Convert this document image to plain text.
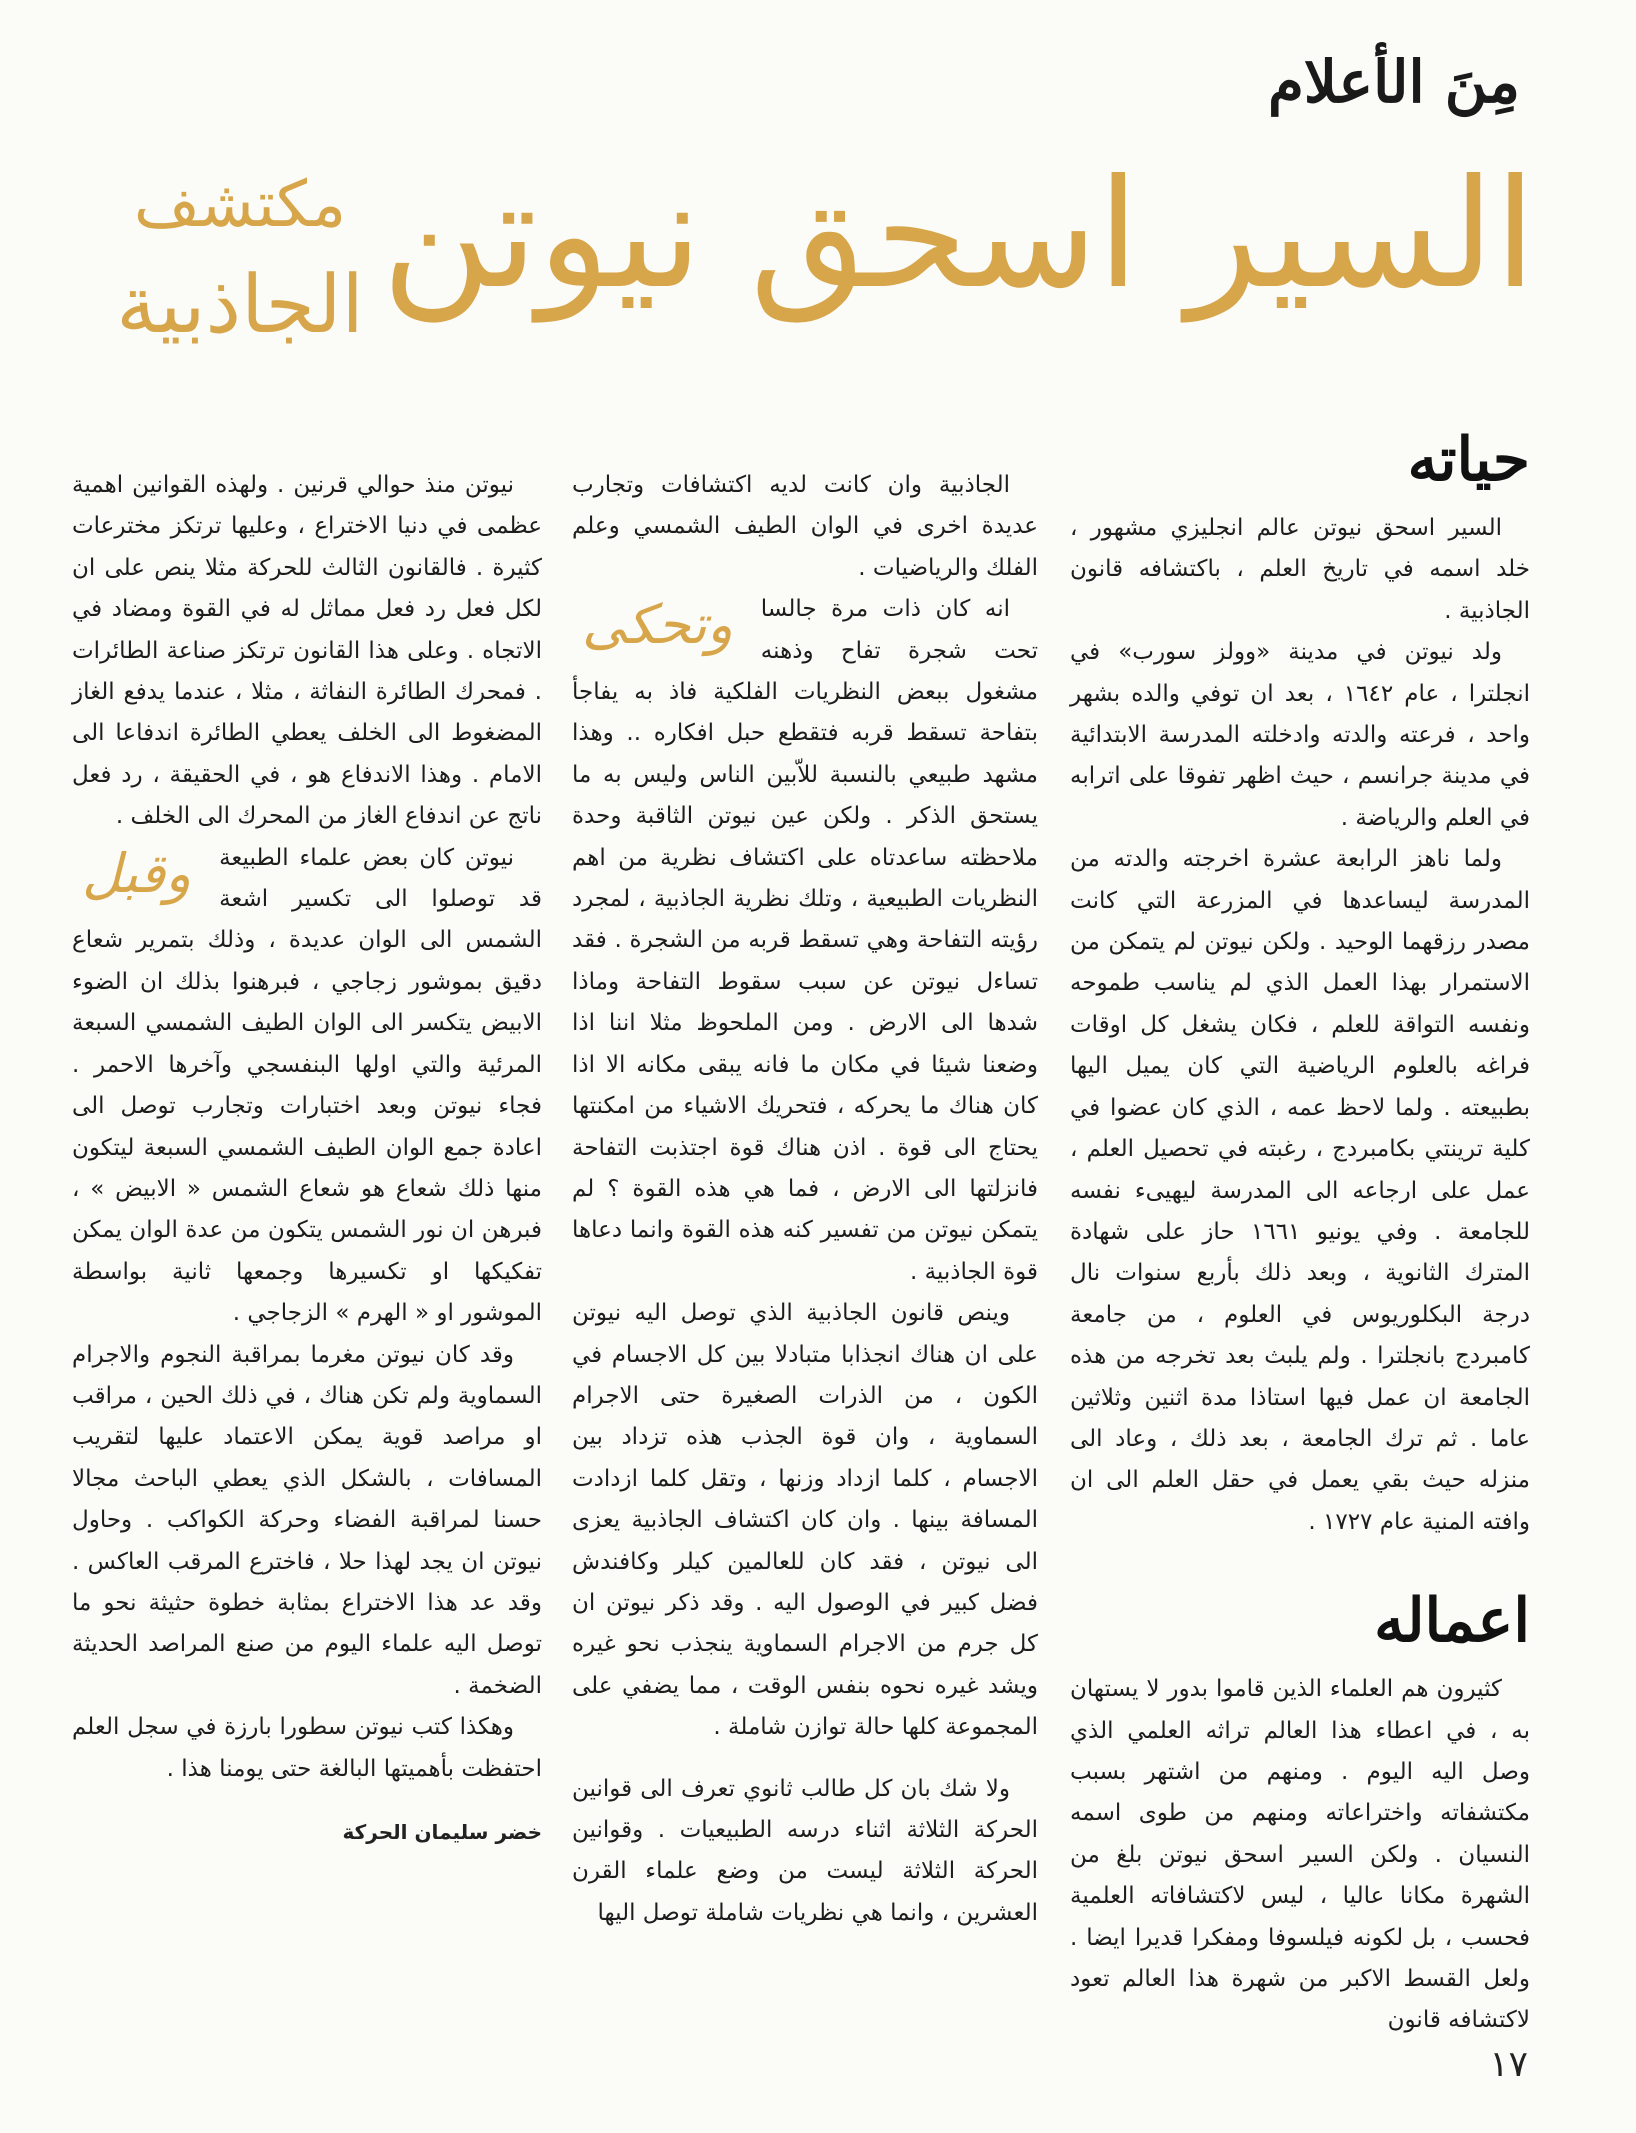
مِنَ الأعلام
السير اسحق نيوتن
مكتشف
الجاذبية
حياته

السير اسحق نيوتن عالم انجليزي مشهور ، خلد اسمه في تاريخ العلم ، باكتشافه قانون الجاذبية .

ولد نيوتن في مدينة «وولز سورب» في انجلترا ، عام ١٦٤٢ ، بعد ان توفي والده بشهر واحد ، فرعته والدته وادخلته المدرسة الابتدائية في مدينة جرانسم ، حيث اظهر تفوقا على اترابه في العلم والرياضة .

ولما ناهز الرابعة عشرة اخرجته والدته من المدرسة ليساعدها في المزرعة التي كانت مصدر رزقهما الوحيد . ولكن نيوتن لم يتمكن من الاستمرار بهذا العمل الذي لم يناسب طموحه ونفسه التواقة للعلم ، فكان يشغل كل اوقات فراغه بالعلوم الرياضية التي كان يميل اليها بطبيعته . ولما لاحظ عمه ، الذي كان عضوا في كلية ترينتي بكامبردج ، رغبته في تحصيل العلم ، عمل على ارجاعه الى المدرسة ليهيىء نفسه للجامعة . وفي يونيو ١٦٦١ حاز على شهادة المترك الثانوية ، وبعد ذلك بأربع سنوات نال درجة البكلوريوس في العلوم ، من جامعة كامبردج بانجلترا . ولم يلبث بعد تخرجه من هذه الجامعة ان عمل فيها استاذا مدة اثنين وثلاثين عاما . ثم ترك الجامعة ، بعد ذلك ، وعاد الى منزله حيث بقي يعمل في حقل العلم الى ان وافته المنية عام ١٧٢٧ .

اعماله

كثيرون هم العلماء الذين قاموا بدور لا يستهان به ، في اعطاء هذا العالم تراثه العلمي الذي وصل اليه اليوم . ومنهم من اشتهر بسبب مكتشفاته واختراعاته ومنهم من طوى اسمه النسيان . ولكن السير اسحق نيوتن بلغ من الشهرة مكانا عاليا ، ليس لاكتشافاته العلمية فحسب ، بل لكونه فيلسوفا ومفكرا قديرا ايضا . ولعل القسط الاكبر من شهرة هذا العالم تعود لاكتشافه قانون

الجاذبية وان كانت لديه اكتشافات وتجارب عديدة اخرى في الوان الطيف الشمسي وعلم الفلك والرياضيات .

وتحكى	انه كان ذات مرة جالسا تحت شجرة تفاح وذهنه مشغول ببعض النظريات الفلكية فاذ به يفاجأ بتفاحة تسقط قربه فتقطع حبل افكاره .. وهذا مشهد طبيعي بالنسبة للاّبين الناس وليس به ما يستحق الذكر . ولكن عين نيوتن الثاقبة وحدة ملاحظته ساعدتاه على اكتشاف نظرية من اهم النظريات الطبيعية ، وتلك نظرية الجاذبية ، لمجرد رؤيته التفاحة وهي تسقط قربه من الشجرة . فقد تساءل نيوتن عن سبب سقوط التفاحة وماذا شدها الى الارض . ومن الملحوظ مثلا اننا اذا وضعنا شيئا في مكان ما فانه يبقى مكانه الا اذا كان هناك ما يحركه ، فتحريك الاشياء من امكنتها يحتاج الى قوة . اذن هناك قوة اجتذبت التفاحة فانزلتها الى الارض ، فما هي هذه القوة ؟ لم يتمكن نيوتن من تفسير كنه هذه القوة وانما دعاها قوة الجاذبية .

وينص قانون الجاذبية الذي توصل اليه نيوتن على ان هناك انجذابا متبادلا بين كل الاجسام في الكون ، من الذرات الصغيرة حتى الاجرام السماوية ، وان قوة الجذب هذه تزداد بين الاجسام ، كلما ازداد وزنها ، وتقل كلما ازدادت المسافة بينها . وان كان اكتشاف الجاذبية يعزى الى نيوتن ، فقد كان للعالمين كيلر وكافندش فضل كبير في الوصول اليه . وقد ذكر نيوتن ان كل جرم من الاجرام السماوية ينجذب نحو غيره ويشد غيره نحوه بنفس الوقت ، مما يضفي على المجموعة كلها حالة توازن شاملة .

ولا شك بان كل طالب ثانوي تعرف الى قوانين الحركة الثلاثة اثناء درسه الطبيعيات . وقوانين الحركة الثلاثة ليست من وضع علماء القرن العشرين ، وانما هي نظريات شاملة توصل اليها

نيوتن منذ حوالي قرنين . ولهذه القوانين اهمية عظمى في دنيا الاختراع ، وعليها ترتكز مخترعات كثيرة . فالقانون الثالث للحركة مثلا ينص على ان لكل فعل رد فعل مماثل له في القوة ومضاد في الاتجاه . وعلى هذا القانون ترتكز صناعة الطائرات . فمحرك الطائرة النفاثة ، مثلا ، عندما يدفع الغاز المضغوط الى الخلف يعطي الطائرة اندفاعا الى الامام . وهذا الاندفاع هو ، في الحقيقة ، رد فعل ناتج عن اندفاع الغاز من المحرك الى الخلف .

وقبل	نيوتن كان بعض علماء الطبيعة قد توصلوا الى تكسير اشعة الشمس الى الوان عديدة ، وذلك بتمرير شعاع دقيق بموشور زجاجي ، فبرهنوا بذلك ان الضوء الابيض يتكسر الى الوان الطيف الشمسي السبعة المرئية والتي اولها البنفسجي وآخرها الاحمر . فجاء نيوتن وبعد اختبارات وتجارب توصل الى اعادة جمع الوان الطيف الشمسي السبعة ليتكون منها ذلك شعاع هو شعاع الشمس « الابيض » ، فبرهن ان نور الشمس يتكون من عدة الوان يمكن تفكيكها او تكسيرها وجمعها ثانية بواسطة الموشور او « الهرم » الزجاجي .

وقد كان نيوتن مغرما بمراقبة النجوم والاجرام السماوية ولم تكن هناك ، في ذلك الحين ، مراقب او مراصد قوية يمكن الاعتماد عليها لتقريب المسافات ، بالشكل الذي يعطي الباحث مجالا حسنا لمراقبة الفضاء وحركة الكواكب . وحاول نيوتن ان يجد لهذا حلا ، فاخترع المرقب العاكس . وقد عد هذا الاختراع بمثابة خطوة حثيثة نحو ما توصل اليه علماء اليوم من صنع المراصد الحديثة الضخمة .

وهكذا كتب نيوتن سطورا بارزة في سجل العلم احتفظت بأهميتها البالغة حتى يومنا هذا .

خضر سليمان الحركة
١٧
